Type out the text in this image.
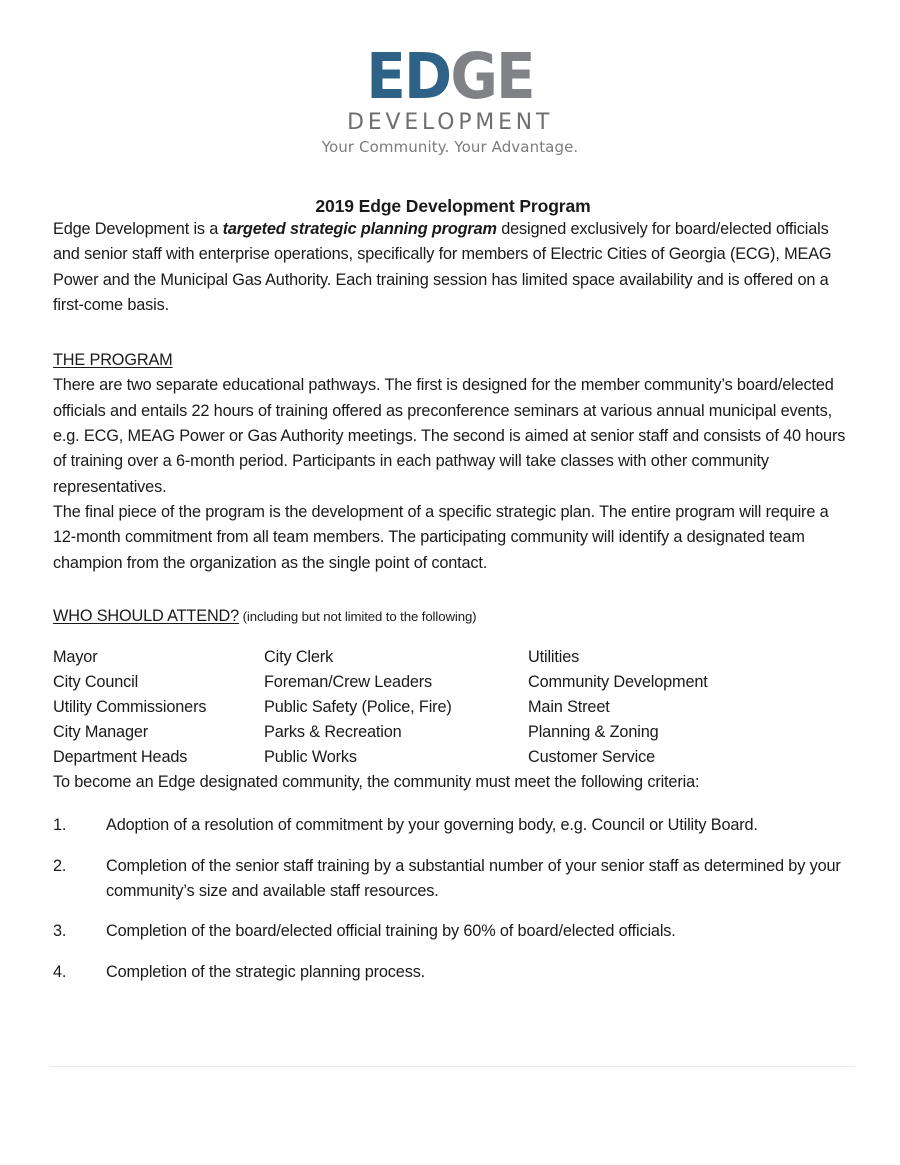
EDGE
DEVELOPMENT
Your Community. Your Advantage.
2019 Edge Development Program

Edge Development is a targeted strategic planning program designed exclusively for board/elected officials and senior staff with enterprise operations, specifically for members of Electric Cities of Georgia (ECG), MEAG Power and the Municipal Gas Authority. Each training session has limited space availability and is offered on a first-come basis.

THE PROGRAM

There are two separate educational pathways. The first is designed for the member community’s board/elected officials and entails 22 hours of training offered as preconference seminars at various annual municipal events, e.g. ECG, MEAG Power or Gas Authority meetings. The second is aimed at senior staff and consists of 40 hours of training over a 6-month period. Participants in each pathway will take classes with other community representatives.

The final piece of the program is the development of a specific strategic plan. The entire program will require a 12-month commitment from all team members. The participating community will identify a designated team champion from the organization as the single point of contact.

WHO SHOULD ATTEND? (including but not limited to the following)
Mayor	City Clerk	Utilities
City Council	Foreman/Crew Leaders	Community Development
Utility Commissioners	Public Safety (Police, Fire)	Main Street
City Manager	Parks & Recreation	Planning & Zoning
Department Heads	Public Works	Customer Service

To become an Edge designated community, the community must meet the following criteria:

1.	Adoption of a resolution of commitment by your governing body, e.g. Council or Utility Board.
2.	Completion of the senior staff training by a substantial number of your senior staff as determined by your community’s size and available staff resources.
3.	Completion of the board/elected official training by 60% of board/elected officials.
4.	Completion of the strategic planning process.
